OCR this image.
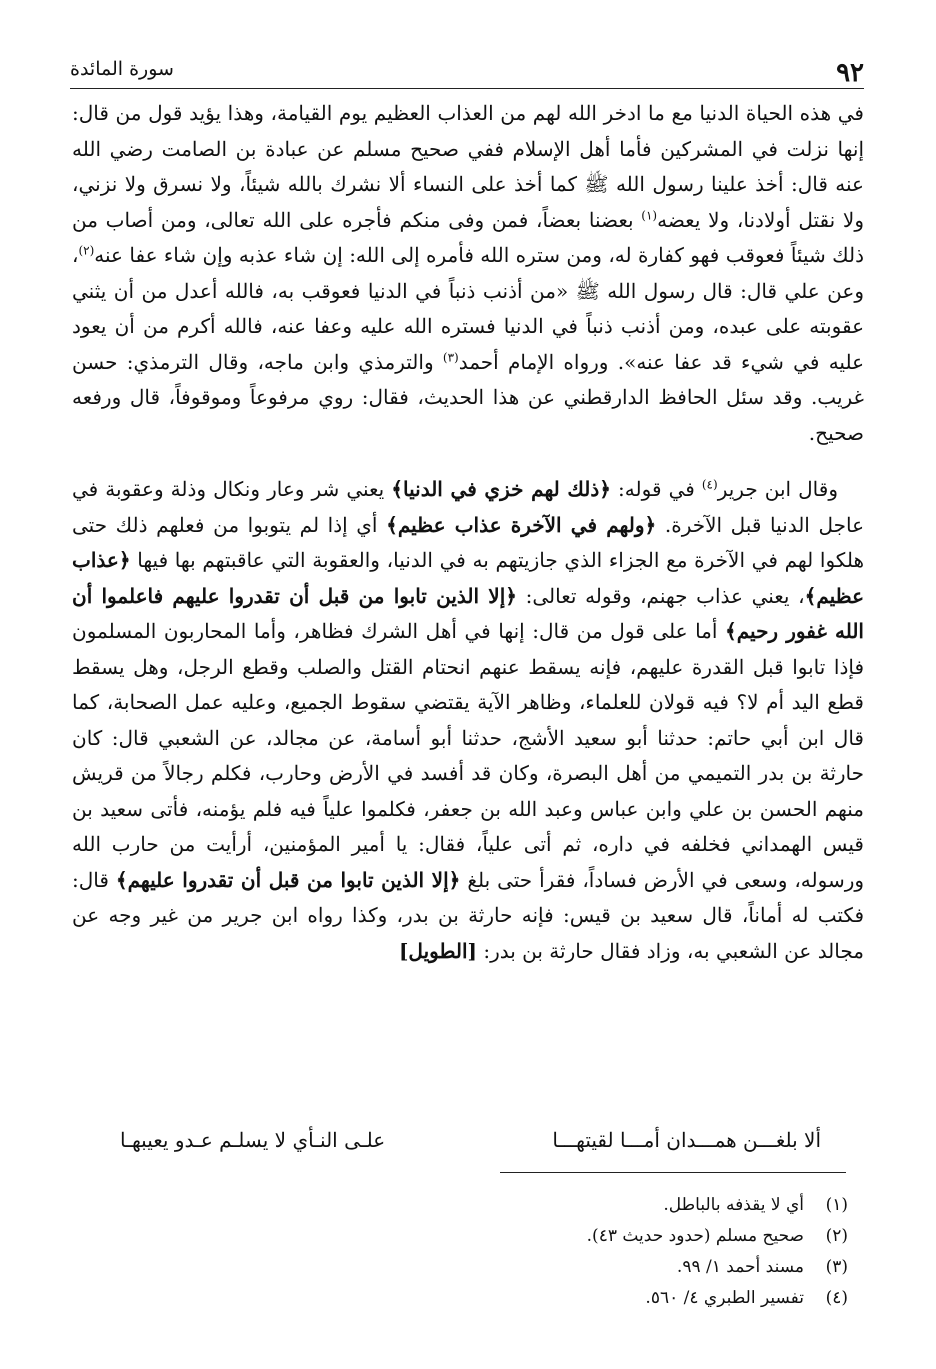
٩٢
سورة المائدة

في هذه الحياة الدنيا مع ما ادخر الله لهم من العذاب العظيم يوم القيامة، وهذا يؤيد قول من قال: إنها نزلت في المشركين فأما أهل الإسلام ففي صحيح مسلم عن عبادة بن الصامت رضي الله عنه قال: أخذ علينا رسول الله ﷺ كما أخذ على النساء ألا نشرك بالله شيئاً، ولا نسرق ولا نزني، ولا نقتل أولادنا، ولا يعضه$^{(١)}$ بعضنا بعضاً، فمن وفى منكم فأجره على الله تعالى، ومن أصاب من ذلك شيئاً فعوقب فهو كفارة له، ومن ستره الله فأمره إلى الله: إن شاء عذبه وإن شاء عفا عنه$^{(٢)}$، وعن علي قال: قال رسول الله ﷺ «من أذنب ذنباً في الدنيا فعوقب به، فالله أعدل من أن يثني عقوبته على عبده، ومن أذنب ذنباً في الدنيا فستره الله عليه وعفا عنه، فالله أكرم من أن يعود عليه في شيء قد عفا عنه». ورواه الإمام أحمد$^{(٣)}$ والترمذي وابن ماجه، وقال الترمذي: حسن غريب. وقد سئل الحافظ الدارقطني عن هذا الحديث، فقال: روي مرفوعاً وموقوفاً، قال ورفعه صحيح.

وقال ابن جرير$^{(٤)}$ في قوله: ﴿ذلك لهم خزي في الدنيا﴾ يعني شر وعار ونكال وذلة وعقوبة في عاجل الدنيا قبل الآخرة. ﴿ولهم في الآخرة عذاب عظيم﴾ أي إذا لم يتوبوا من فعلهم ذلك حتى هلكوا لهم في الآخرة مع الجزاء الذي جازيتهم به في الدنيا، والعقوبة التي عاقبتهم بها فيها ﴿عذاب عظيم﴾، يعني عذاب جهنم، وقوله تعالى: ﴿إلا الذين تابوا من قبل أن تقدروا عليهم فاعلموا أن الله غفور رحيم﴾ أما على قول من قال: إنها في أهل الشرك فظاهر، وأما المحاربون المسلمون فإذا تابوا قبل القدرة عليهم، فإنه يسقط عنهم انحتام القتل والصلب وقطع الرجل، وهل يسقط قطع اليد أم لا؟ فيه قولان للعلماء، وظاهر الآية يقتضي سقوط الجميع، وعليه عمل الصحابة، كما قال ابن أبي حاتم: حدثنا أبو سعيد الأشج، حدثنا أبو أسامة، عن مجالد، عن الشعبي قال: كان حارثة بن بدر التميمي من أهل البصرة، وكان قد أفسد في الأرض وحارب، فكلم رجالاً من قريش منهم الحسن بن علي وابن عباس وعبد الله بن جعفر، فكلموا علياً فيه فلم يؤمنه، فأتى سعيد بن قيس الهمداني فخلفه في داره، ثم أتى علياً، فقال: يا أمير المؤمنين، أرأيت من حارب الله ورسوله، وسعى في الأرض فساداً، فقرأ حتى بلغ ﴿إلا الذين تابوا من قبل أن تقدروا عليهم﴾ قال: فكتب له أماناً، قال سعيد بن قيس: فإنه حارثة بن بدر، وكذا رواه ابن جرير من غير وجه عن مجالد عن الشعبي به، وزاد فقال حارثة بن بدر: [الطويل]

ألا بلغـــن همـــدان أمـــا لقيتهـــا
علـى النـأي لا يسلـم عـدو يعيبهـا
(١)أي لا يقذفه بالباطل.
(٢)صحيح مسلم (حدود حديث ٤٣).
(٣)مسند أحمد ١/ ٩٩.
(٤)تفسير الطبري ٤/ ٥٦٠.
